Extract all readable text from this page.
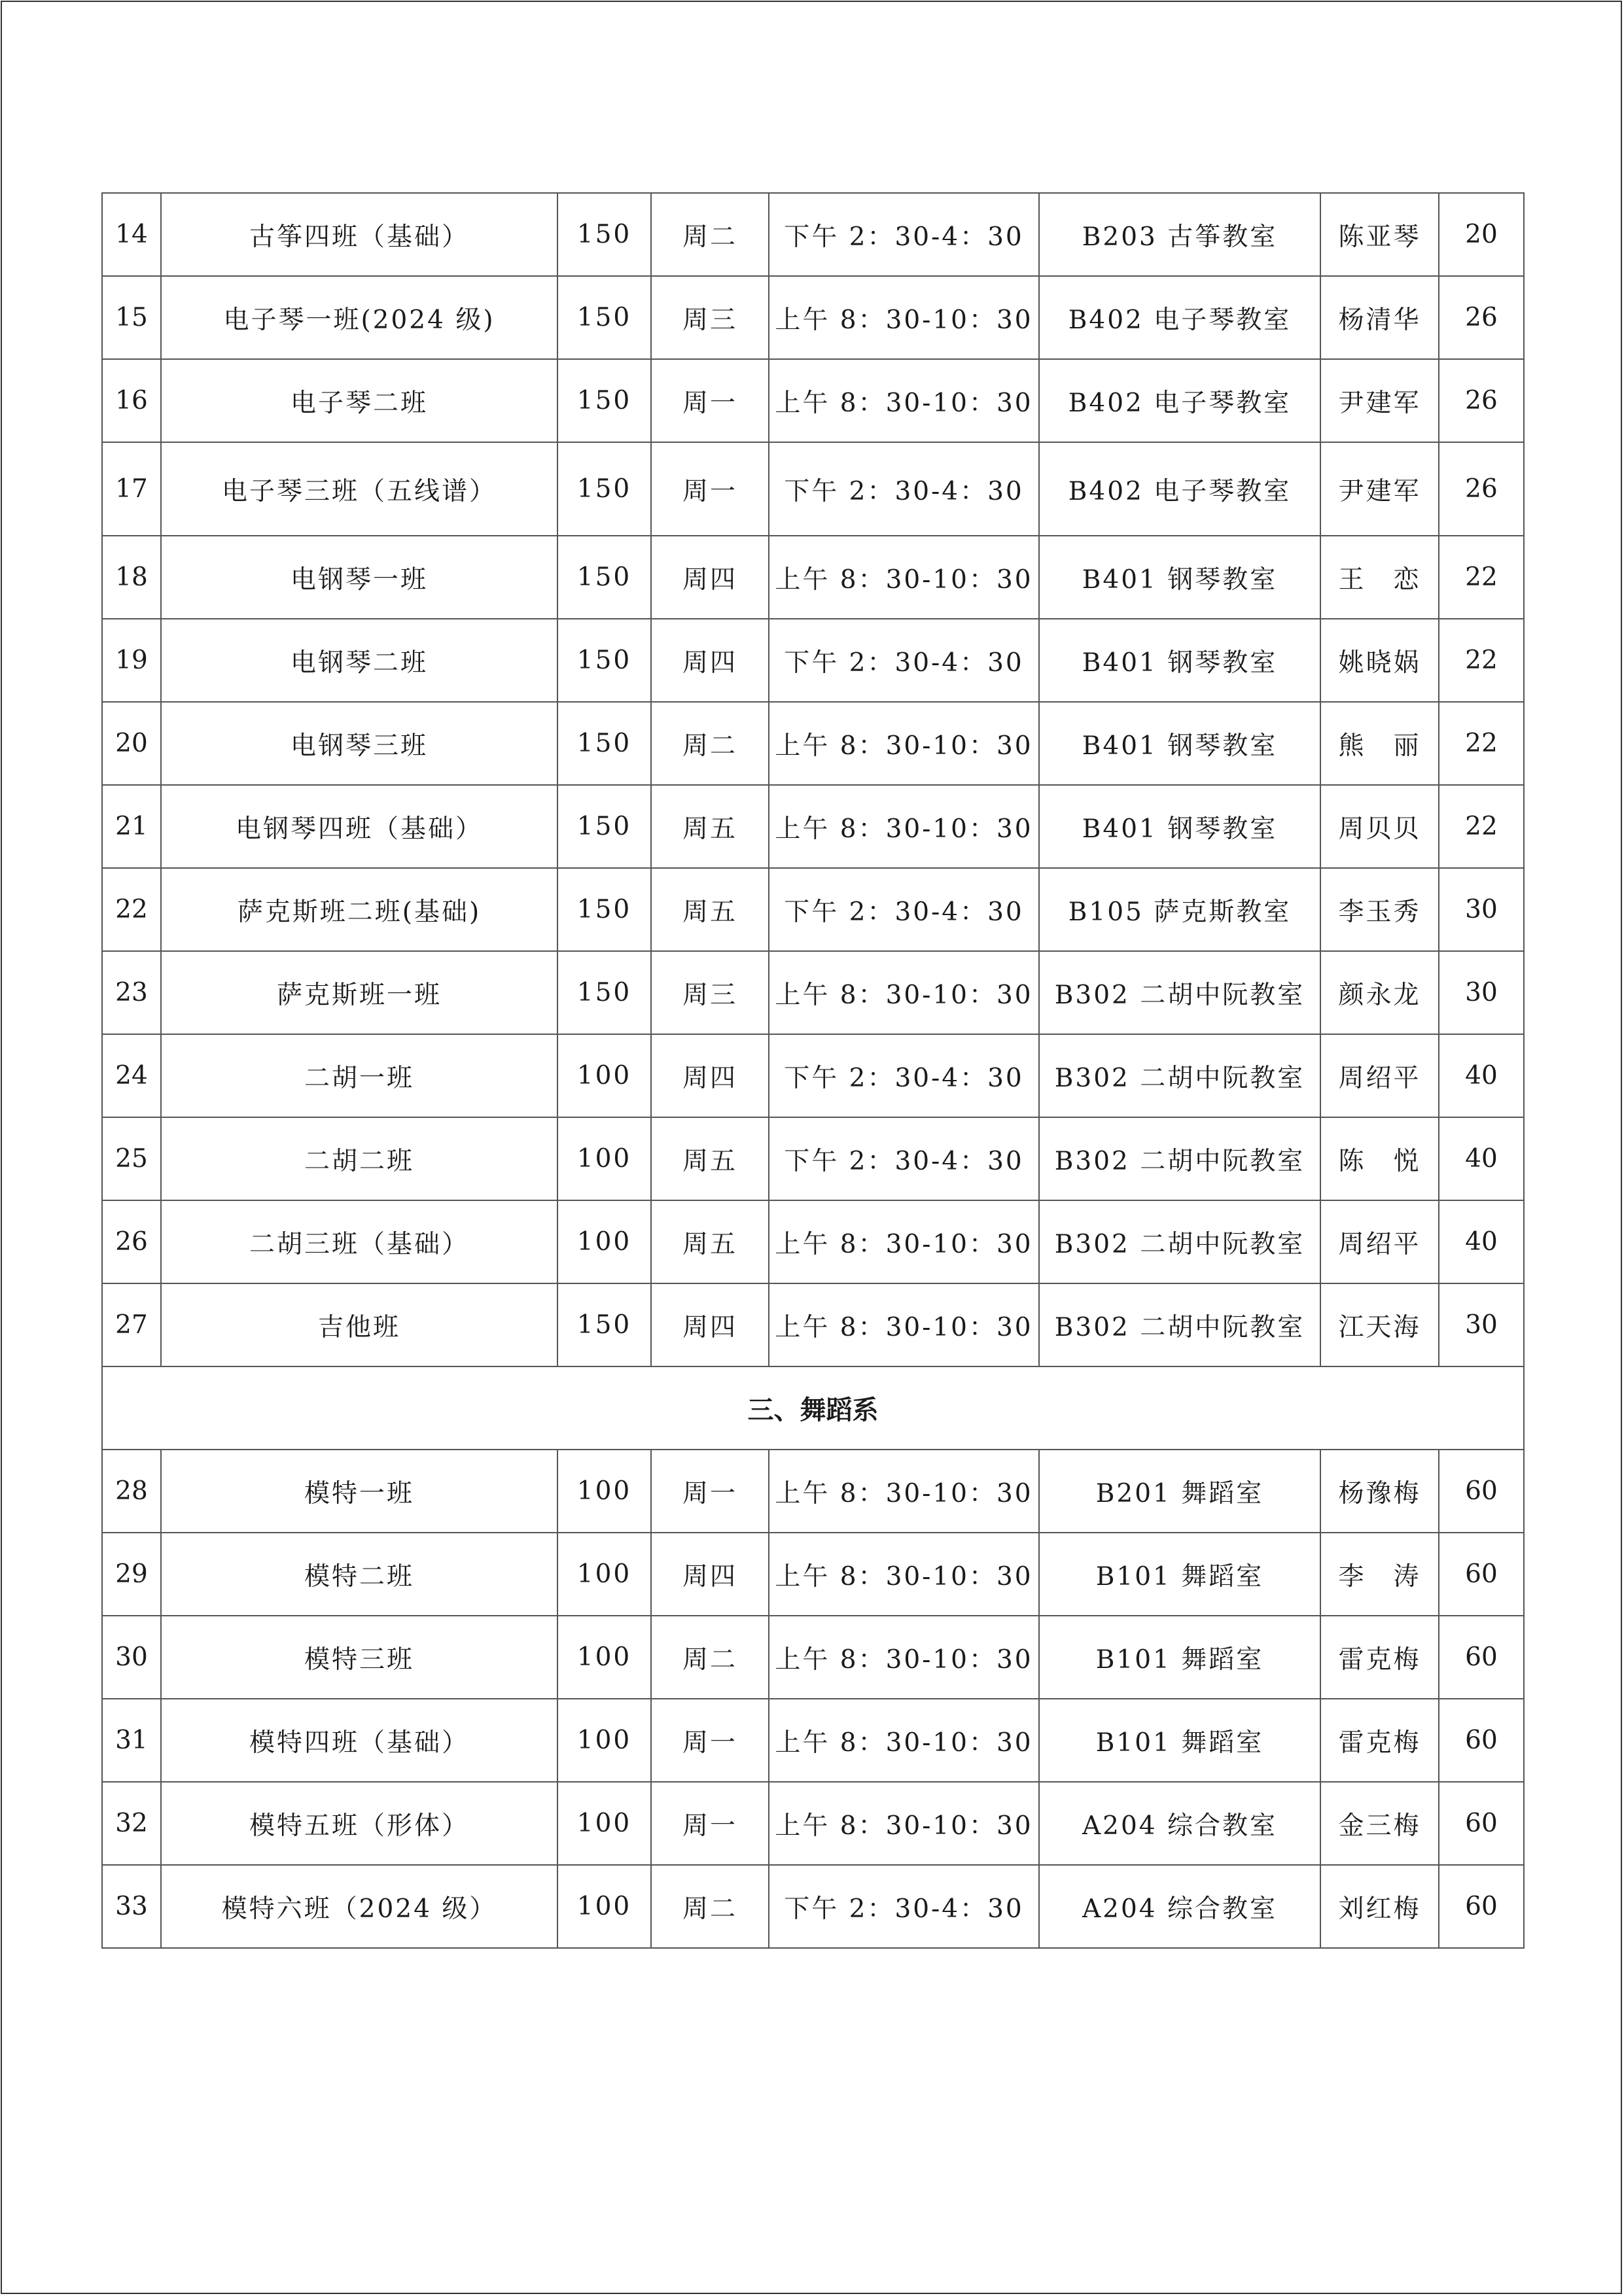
14	古筝四班（基础）	150	周二	下午 2：30-4：30	B203 古筝教室	陈亚琴	20
15	电子琴一班(2024 级)	150	周三	上午 8：30-10：30	B402 电子琴教室	杨清华	26
16	电子琴二班	150	周一	上午 8：30-10：30	B402 电子琴教室	尹建军	26
17	电子琴三班（五线谱）	150	周一	下午 2：30-4：30	B402 电子琴教室	尹建军	26
18	电钢琴一班	150	周四	上午 8：30-10：30	B401 钢琴教室	王　恋	22
19	电钢琴二班	150	周四	下午 2：30-4：30	B401 钢琴教室	姚晓娲	22
20	电钢琴三班	150	周二	上午 8：30-10：30	B401 钢琴教室	熊　丽	22
21	电钢琴四班（基础）	150	周五	上午 8：30-10：30	B401 钢琴教室	周贝贝	22
22	萨克斯班二班(基础)	150	周五	下午 2：30-4：30	B105 萨克斯教室	李玉秀	30
23	萨克斯班一班	150	周三	上午 8：30-10：30	B302 二胡中阮教室	颜永龙	30
24	二胡一班	100	周四	下午 2：30-4：30	B302 二胡中阮教室	周绍平	40
25	二胡二班	100	周五	下午 2：30-4：30	B302 二胡中阮教室	陈　悦	40
26	二胡三班（基础）	100	周五	上午 8：30-10：30	B302 二胡中阮教室	周绍平	40
27	吉他班	150	周四	上午 8：30-10：30	B302 二胡中阮教室	江天海	30
三、舞蹈系							
28	模特一班	100	周一	上午 8：30-10：30	B201 舞蹈室	杨豫梅	60
29	模特二班	100	周四	上午 8：30-10：30	B101 舞蹈室	李　涛	60
30	模特三班	100	周二	上午 8：30-10：30	B101 舞蹈室	雷克梅	60
31	模特四班（基础）	100	周一	上午 8：30-10：30	B101 舞蹈室	雷克梅	60
32	模特五班（形体）	100	周一	上午 8：30-10：30	A204 综合教室	金三梅	60
33	模特六班（2024 级）	100	周二	下午 2：30-4：30	A204 综合教室	刘红梅	60
